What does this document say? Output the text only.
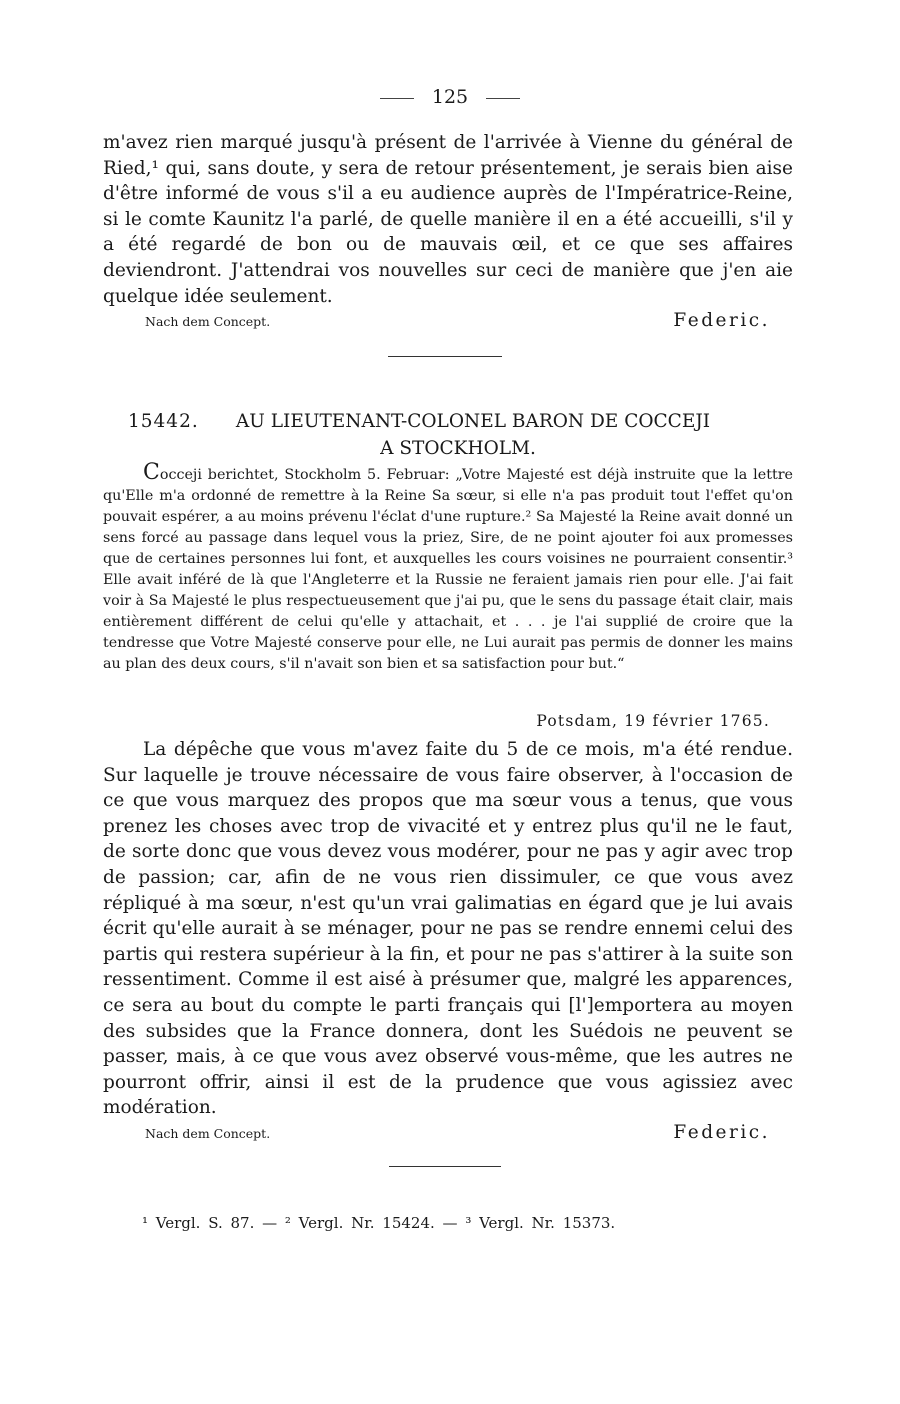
125

m'avez rien marqué jusqu'à présent de l'arrivée à Vienne du général de Ried,¹ qui, sans doute, y sera de retour présentement, je serais bien aise d'être informé de vous s'il a eu audience auprès de l'Impératrice-Reine, si le comte Kaunitz l'a parlé, de quelle manière il en a été accueilli, s'il y a été regardé de bon ou de mauvais œil, et ce que ses affaires deviendront. J'attendrai vos nouvelles sur ceci de manière que j'en aie quelque idée seulement.

Nach dem Concept.	Federic.
15442.	AU LIEUTENANT-COLONEL BARON DE COCCEJI
A STOCKHOLM.

Cocceji berichtet, Stockholm 5. Februar: „Votre Majesté est déjà instruite que la lettre qu'Elle m'a ordonné de remettre à la Reine Sa sœur, si elle n'a pas produit tout l'effet qu'on pouvait espérer, a au moins prévenu l'éclat d'une rupture.² Sa Majesté la Reine avait donné un sens forcé au passage dans lequel vous la priez, Sire, de ne point ajouter foi aux promesses que de certaines personnes lui font, et auxquelles les cours voisines ne pourraient consentir.³ Elle avait inféré de là que l'Angleterre et la Russie ne feraient jamais rien pour elle. J'ai fait voir à Sa Majesté le plus respectueusement que j'ai pu, que le sens du passage était clair, mais entièrement différent de celui qu'elle y attachait, et . . . je l'ai supplié de croire que la tendresse que Votre Majesté conserve pour elle, ne Lui aurait pas permis de donner les mains au plan des deux cours, s'il n'avait son bien et sa satisfaction pour but.“

Potsdam, 19 février 1765.

La dépêche que vous m'avez faite du 5 de ce mois, m'a été rendue. Sur laquelle je trouve nécessaire de vous faire observer, à l'occasion de ce que vous marquez des propos que ma sœur vous a tenus, que vous prenez les choses avec trop de vivacité et y entrez plus qu'il ne le faut, de sorte donc que vous devez vous modérer, pour ne pas y agir avec trop de passion; car, afin de ne vous rien dissimuler, ce que vous avez répliqué à ma sœur, n'est qu'un vrai galimatias en égard que je lui avais écrit qu'elle aurait à se ménager, pour ne pas se rendre ennemi celui des partis qui restera supérieur à la fin, et pour ne pas s'attirer à la suite son ressentiment. Comme il est aisé à présumer que, malgré les apparences, ce sera au bout du compte le parti français qui [l']emportera au moyen des subsides que la France donnera, dont les Suédois ne peuvent se passer, mais, à ce que vous avez observé vous-même, que les autres ne pourront offrir, ainsi il est de la prudence que vous agissiez avec modération.

Nach dem Concept.	Federic.
¹ Vergl. S. 87. — ² Vergl. Nr. 15424. — ³ Vergl. Nr. 15373.
